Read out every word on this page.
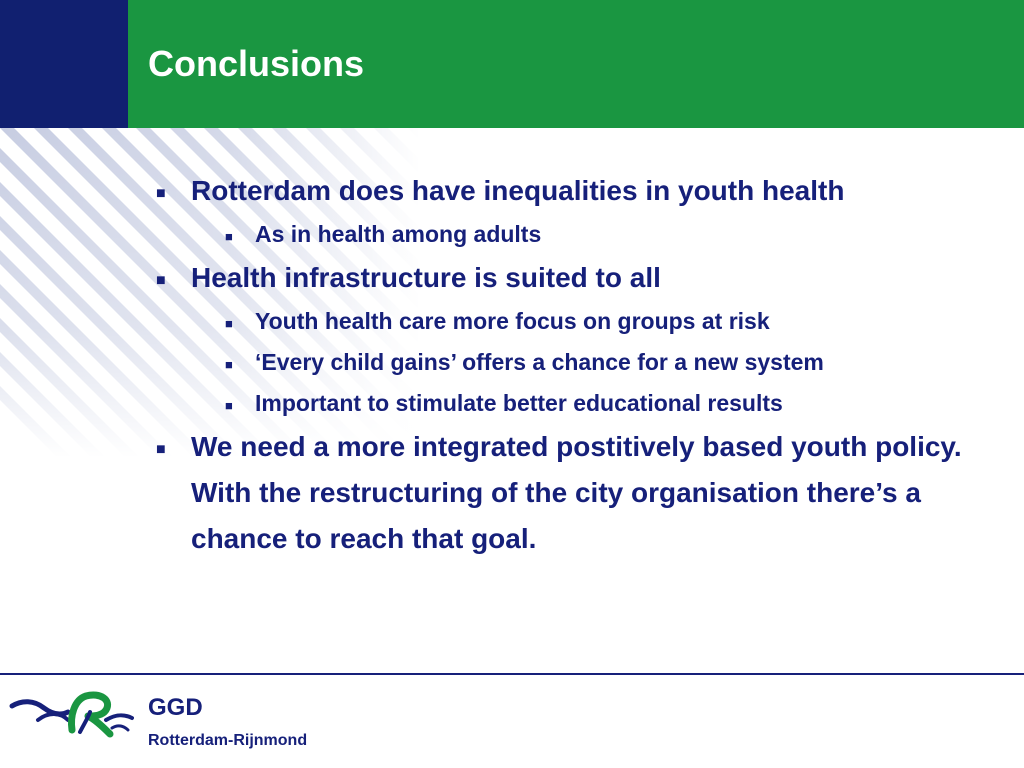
Conclusions
■ Rotterdam does have inequalities in youth health
■ As in health among adults
■ Health infrastructure is suited to all
■ Youth health care more focus on groups at risk
■ ‘Every child gains’ offers a chance for a new system
■ Important to stimulate better educational results
■ We need a more integrated postitively based youth policy. With the restructuring of the city organisation there’s a chance to reach that goal.
GGD
Rotterdam-Rijnmond
